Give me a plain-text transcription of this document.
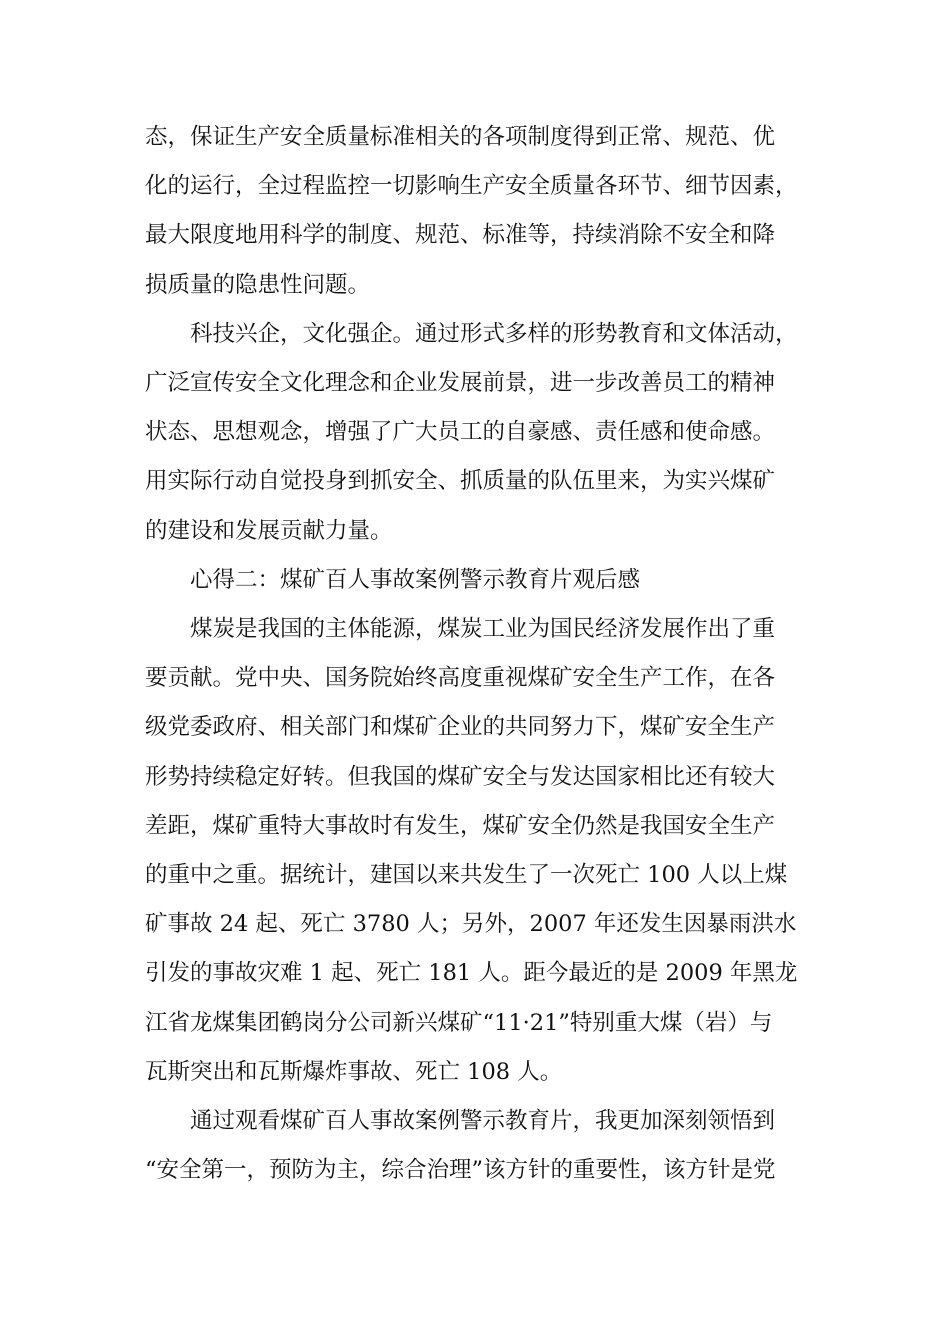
态，保证生产安全质量标准相关的各项制度得到正常、规范、优
化的运行，全过程监控一切影响生产安全质量各环节、细节因素，
最大限度地用科学的制度、规范、标准等，持续消除不安全和降
损质量的隐患性问题。

科技兴企，文化强企。通过形式多样的形势教育和文体活动，
广泛宣传安全文化理念和企业发展前景，进一步改善员工的精神
状态、思想观念，增强了广大员工的自豪感、责任感和使命感。
用实际行动自觉投身到抓安全、抓质量的队伍里来，为实兴煤矿
的建设和发展贡献力量。

心得二：煤矿百人事故案例警示教育片观后感

煤炭是我国的主体能源，煤炭工业为国民经济发展作出了重
要贡献。党中央、国务院始终高度重视煤矿安全生产工作，在各
级党委政府、相关部门和煤矿企业的共同努力下，煤矿安全生产
形势持续稳定好转。但我国的煤矿安全与发达国家相比还有较大
差距，煤矿重特大事故时有发生，煤矿安全仍然是我国安全生产
的重中之重。据统计，建国以来共发生了一次死亡 100 人以上煤
矿事故 24 起、死亡 3780 人；另外，2007 年还发生因暴雨洪水
引发的事故灾难 1 起、死亡 181 人。距今最近的是 2009 年黑龙
江省龙煤集团鹤岗分公司新兴煤矿“11·21”特别重大煤（岩）与
瓦斯突出和瓦斯爆炸事故、死亡 108 人。

通过观看煤矿百人事故案例警示教育片，我更加深刻领悟到
“安全第一，预防为主，综合治理”该方针的重要性，该方针是党
